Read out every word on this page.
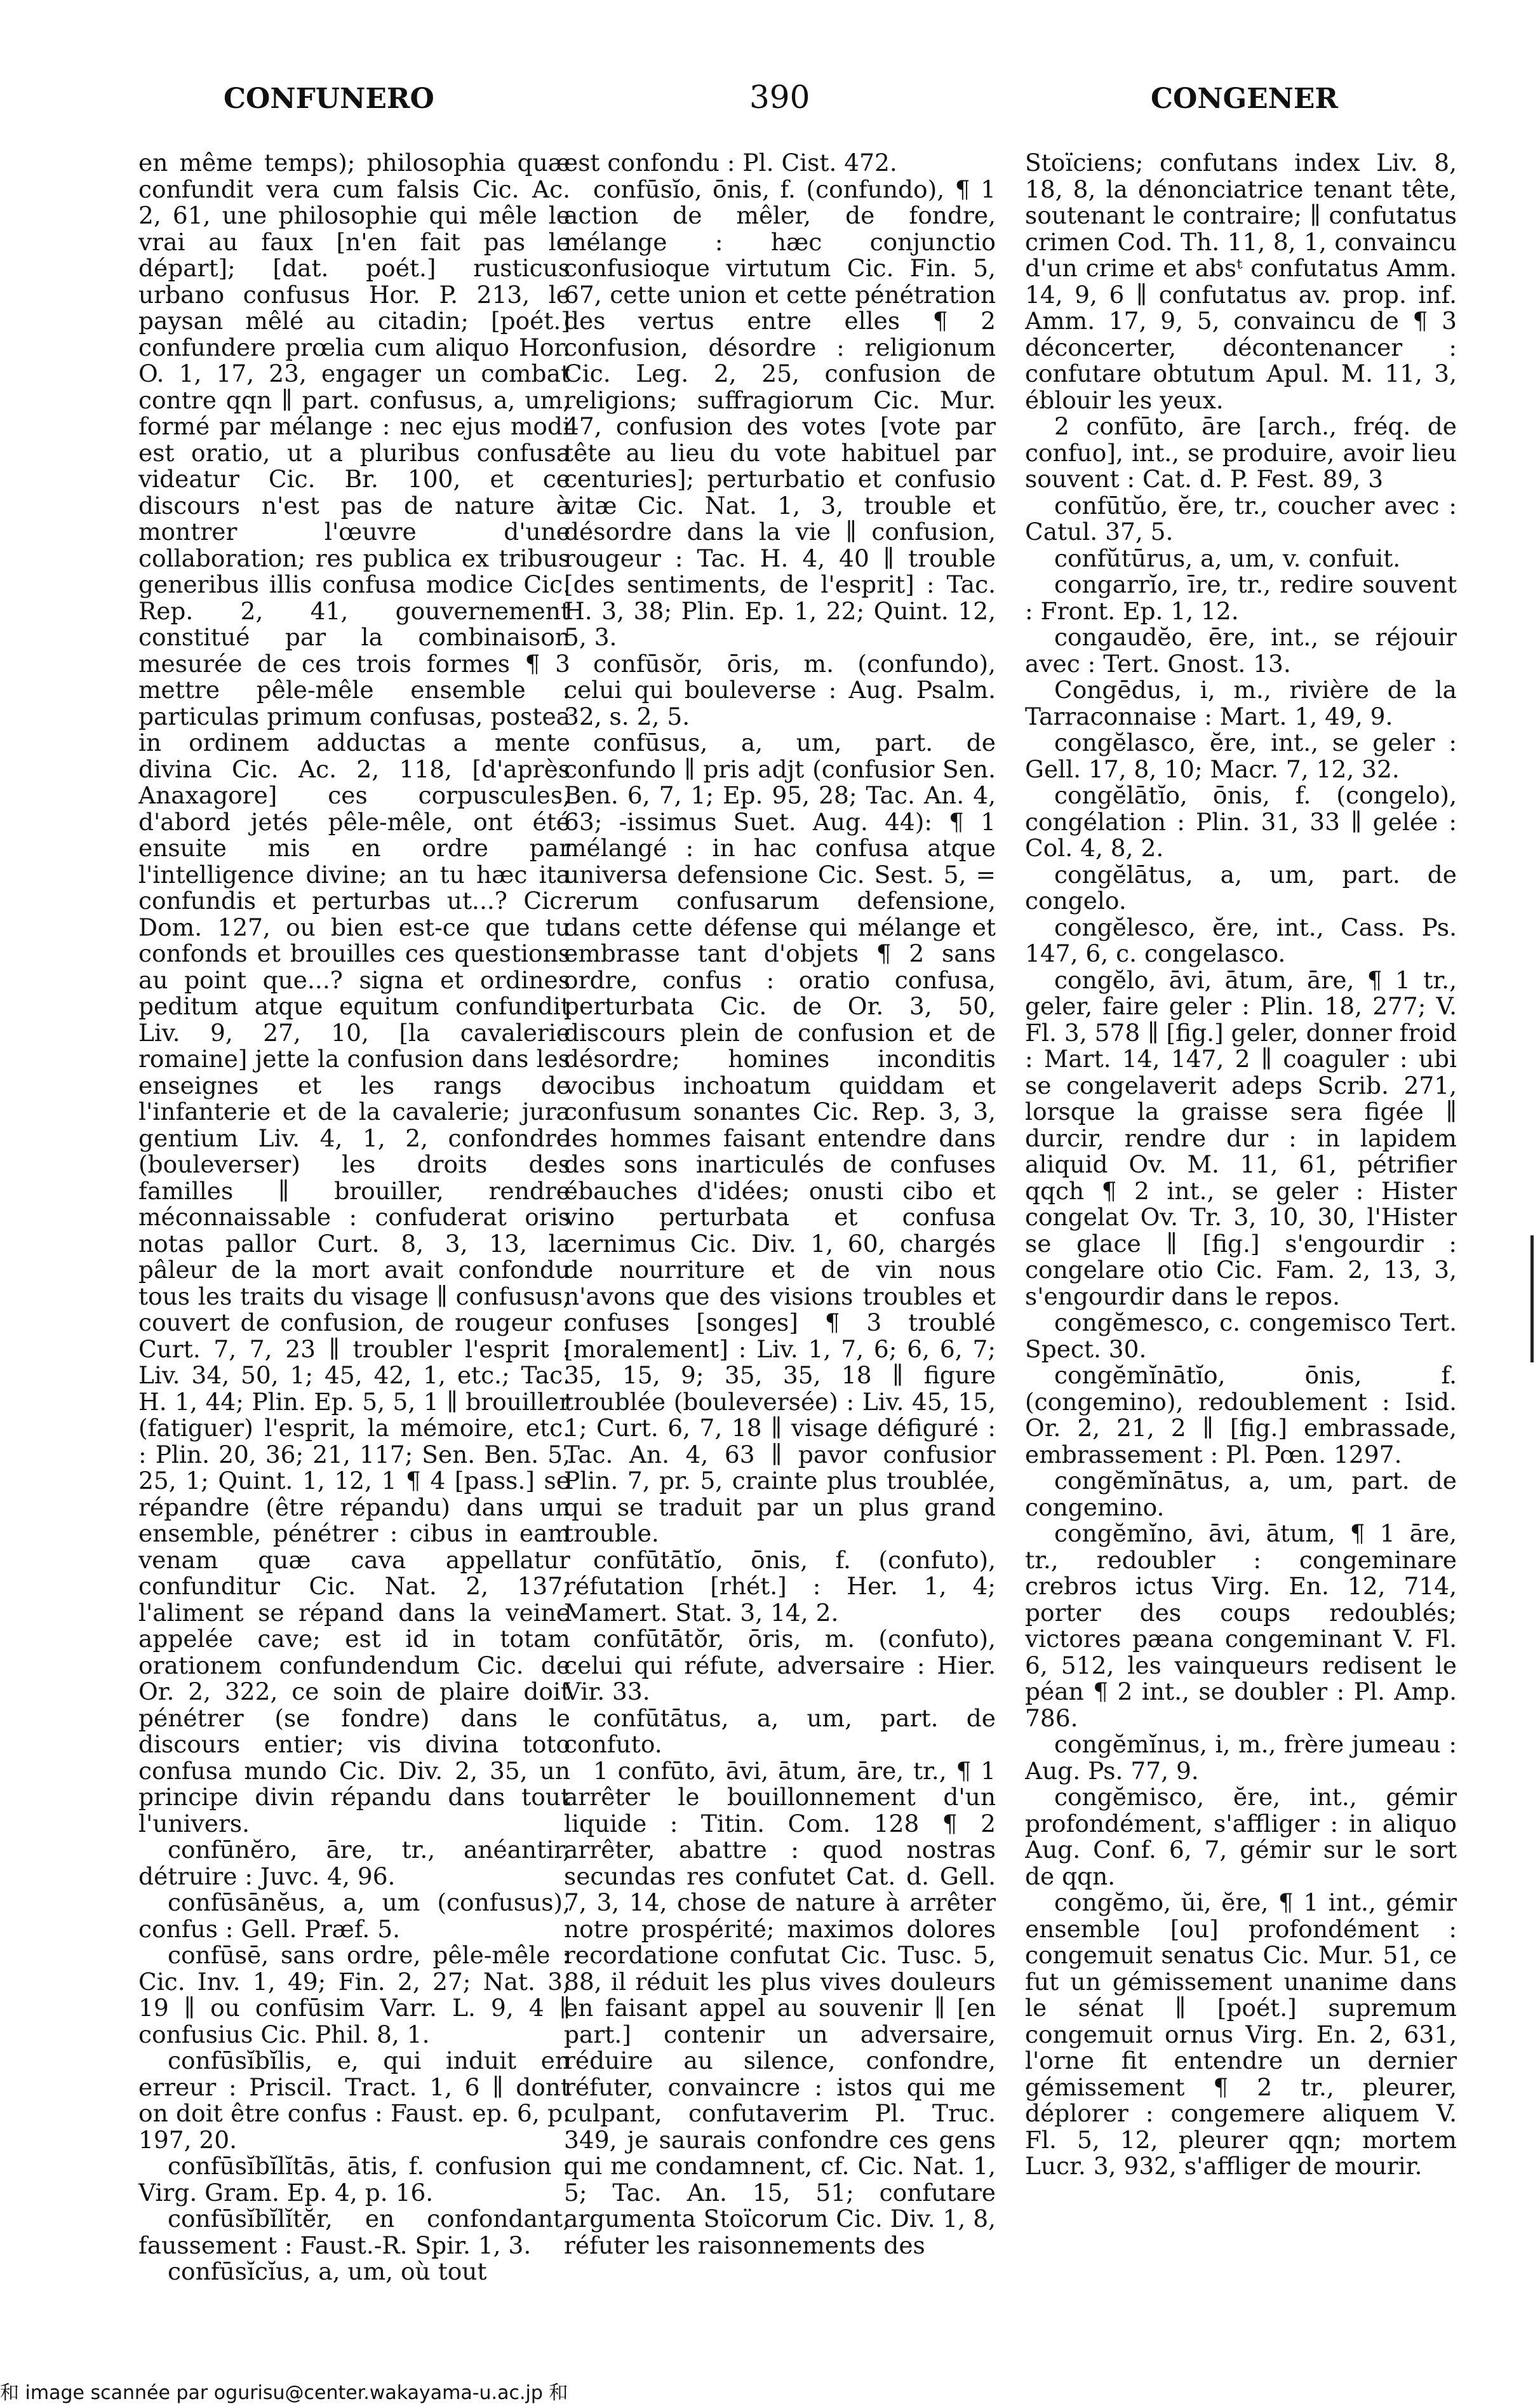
CONFUNERO	390	CONGENER

en même temps); philosophia quæ confundit vera cum falsis Cic. Ac. 2, 61, une philosophie qui mêle le vrai au faux [n'en fait pas le départ]; [dat. poét.] rusticus urbano confusus Hor. P. 213, le paysan mêlé au citadin; [poét.] confundere prœlia cum aliquo Hor. O. 1, 17, 23, engager un combat contre qqn ∥ part. confusus, a, um, formé par mélange : nec ejus modi est oratio, ut a pluribus confusa videatur Cic. Br. 100, et ce discours n'est pas de nature à montrer l'œuvre d'une collaboration; res publica ex tribus generibus illis confusa modice Cic. Rep. 2, 41, gouvernement constitué par la combinaison mesurée de ces trois formes ¶ 3 mettre pêle-mêle ensemble : particulas primum confusas, postea in ordinem adductas a mente divina Cic. Ac. 2, 118, [d'après Anaxagore] ces corpuscules, d'abord jetés pêle-mêle, ont été ensuite mis en ordre par l'intelligence divine; an tu hæc ita confundis et perturbas ut...? Cic. Dom. 127, ou bien est-ce que tu confonds et brouilles ces questions au point que...? signa et ordines peditum atque equitum confundit Liv. 9, 27, 10, [la cavalerie romaine] jette la confusion dans les enseignes et les rangs de l'infanterie et de la cavalerie; jura gentium Liv. 4, 1, 2, confondre (bouleverser) les droits des familles ∥ brouiller, rendre méconnaissable : confuderat oris notas pallor Curt. 8, 3, 13, la pâleur de la mort avait confondu tous les traits du visage ∥ confusus, couvert de confusion, de rougeur : Curt. 7, 7, 23 ∥ troubler l'esprit : Liv. 34, 50, 1; 45, 42, 1, etc.; Tac. H. 1, 44; Plin. Ep. 5, 5, 1 ∥ brouiller (fatiguer) l'esprit, la mémoire, etc. : Plin. 20, 36; 21, 117; Sen. Ben. 5, 25, 1; Quint. 1, 12, 1 ¶ 4 [pass.] se répandre (être répandu) dans un ensemble, pénétrer : cibus in eam venam quæ cava appellatur confunditur Cic. Nat. 2, 137, l'aliment se répand dans la veine appelée cave; est id in totam orationem confundendum Cic. de Or. 2, 322, ce soin de plaire doit pénétrer (se fondre) dans le discours entier; vis divina toto confusa mundo Cic. Div. 2, 35, un principe divin répandu dans tout l'univers.

confūnĕro, āre, tr., anéantir, détruire : Juvc. 4, 96.

confūsānĕus, a, um (confusus), confus : Gell. Præf. 5.

confūsē, sans ordre, pêle-mêle : Cic. Inv. 1, 49; Fin. 2, 27; Nat. 3, 19 ∥ ou confūsim Varr. L. 9, 4 ∥ confusius Cic. Phil. 8, 1.

confūsĭbĭlis, e, qui induit en erreur : Priscil. Tract. 1, 6 ∥ dont on doit être confus : Faust. ep. 6, p. 197, 20.

confūsĭbĭlĭtās, ātis, f. confusion : Virg. Gram. Ep. 4, p. 16.

confūsĭbĭlĭtĕr, en confondant, faussement : Faust.-R. Spir. 1, 3.

confūsĭcĭus, a, um, où tout

est confondu : Pl. Cist. 472.

confūsĭo, ōnis, f. (confundo), ¶ 1 action de mêler, de fondre, mélange : hæc conjunctio confusioque virtutum Cic. Fin. 5, 67, cette union et cette pénétration des vertus entre elles ¶ 2 confusion, désordre : religionum Cic. Leg. 2, 25, confusion de religions; suffragiorum Cic. Mur. 47, confusion des votes [vote par tête au lieu du vote habituel par centuries]; perturbatio et confusio vitæ Cic. Nat. 1, 3, trouble et désordre dans la vie ∥ confusion, rougeur : Tac. H. 4, 40 ∥ trouble [des sentiments, de l'esprit] : Tac. H. 3, 38; Plin. Ep. 1, 22; Quint. 12, 5, 3.

confūsŏr, ōris, m. (confundo), celui qui bouleverse : Aug. Psalm. 32, s. 2, 5.

confūsus, a, um, part. de confundo ∥ pris adjt (confusior Sen. Ben. 6, 7, 1; Ep. 95, 28; Tac. An. 4, 63; -issimus Suet. Aug. 44): ¶ 1 mélangé : in hac confusa atque universa defensione Cic. Sest. 5, = rerum confusarum defensione, dans cette défense qui mélange et embrasse tant d'objets ¶ 2 sans ordre, confus : oratio confusa, perturbata Cic. de Or. 3, 50, discours plein de confusion et de désordre; homines inconditis vocibus inchoatum quiddam et confusum sonantes Cic. Rep. 3, 3, les hommes faisant entendre dans des sons inarticulés de confuses ébauches d'idées; onusti cibo et vino perturbata et confusa cernimus Cic. Div. 1, 60, chargés de nourriture et de vin nous n'avons que des visions troubles et confuses [songes] ¶ 3 troublé [moralement] : Liv. 1, 7, 6; 6, 6, 7; 35, 15, 9; 35, 35, 18 ∥ figure troublée (bouleversée) : Liv. 45, 15, 1; Curt. 6, 7, 18 ∥ visage défiguré : Tac. An. 4, 63 ∥ pavor confusior Plin. 7, pr. 5, crainte plus troublée, qui se traduit par un plus grand trouble.

confūtātĭo, ōnis, f. (confuto), réfutation [rhét.] : Her. 1, 4; Mamert. Stat. 3, 14, 2.

confūtātŏr, ōris, m. (confuto), celui qui réfute, adversaire : Hier. Vir. 33.

confūtātus, a, um, part. de confuto.

1 confūto, āvi, ātum, āre, tr., ¶ 1 arrêter le bouillonnement d'un liquide : Titin. Com. 128 ¶ 2 arrêter, abattre : quod nostras secundas res confutet Cat. d. Gell. 7, 3, 14, chose de nature à arrêter notre prospérité; maximos dolores recordatione confutat Cic. Tusc. 5, 88, il réduit les plus vives douleurs en faisant appel au souvenir ∥ [en part.] contenir un adversaire, réduire au silence, confondre, réfuter, convaincre : istos qui me culpant, confutaverim Pl. Truc. 349, je saurais confondre ces gens qui me condamnent, cf. Cic. Nat. 1, 5; Tac. An. 15, 51; confutare argumenta Stoïcorum Cic. Div. 1, 8, réfuter les raisonnements des

Stoïciens; confutans index Liv. 8, 18, 8, la dénonciatrice tenant tête, soutenant le contraire; ∥ confutatus crimen Cod. Th. 11, 8, 1, convaincu d'un crime et absᵗ confutatus Amm. 14, 9, 6 ∥ confutatus av. prop. inf. Amm. 17, 9, 5, convaincu de ¶ 3 déconcerter, décontenancer : confutare obtutum Apul. M. 11, 3, éblouir les yeux.

2 confūto, āre [arch., fréq. de confuo], int., se produire, avoir lieu souvent : Cat. d. P. Fest. 89, 3

confūtŭo, ĕre, tr., coucher avec : Catul. 37, 5.

confŭtūrus, a, um, v. confuit.

congarrĭo, īre, tr., redire souvent : Front. Ep. 1, 12.

congaudĕo, ēre, int., se réjouir avec : Tert. Gnost. 13.

Congēdus, i, m., rivière de la Tarraconnaise : Mart. 1, 49, 9.

congĕlasco, ĕre, int., se geler : Gell. 17, 8, 10; Macr. 7, 12, 32.

congĕlātĭo, ōnis, f. (congelo), congélation : Plin. 31, 33 ∥ gelée : Col. 4, 8, 2.

congĕlātus, a, um, part. de congelo.

congĕlesco, ĕre, int., Cass. Ps. 147, 6, c. congelasco.

congĕlo, āvi, ātum, āre, ¶ 1 tr., geler, faire geler : Plin. 18, 277; V. Fl. 3, 578 ∥ [fig.] geler, donner froid : Mart. 14, 147, 2 ∥ coaguler : ubi se congelaverit adeps Scrib. 271, lorsque la graisse sera figée ∥ durcir, rendre dur : in lapidem aliquid Ov. M. 11, 61, pétrifier qqch ¶ 2 int., se geler : Hister congelat Ov. Tr. 3, 10, 30, l'Hister se glace ∥ [fig.] s'engourdir : congelare otio Cic. Fam. 2, 13, 3, s'engourdir dans le repos.

congĕmesco, c. congemisco Tert. Spect. 30.

congĕmĭnātĭo, ōnis, f. (congemino), redoublement : Isid. Or. 2, 21, 2 ∥ [fig.] embrassade, embrassement : Pl. Pœn. 1297.

congĕmĭnātus, a, um, part. de congemino.

congĕmĭno, āvi, ātum, ¶ 1 āre, tr., redoubler : congeminare crebros ictus Virg. En. 12, 714, porter des coups redoublés; victores pæana congeminant V. Fl. 6, 512, les vainqueurs redisent le péan ¶ 2 int., se doubler : Pl. Amp. 786.

congĕmĭnus, i, m., frère jumeau : Aug. Ps. 77, 9.

congĕmisco, ĕre, int., gémir profondément, s'affliger : in aliquo Aug. Conf. 6, 7, gémir sur le sort de qqn.

congĕmo, ŭi, ĕre, ¶ 1 int., gémir ensemble [ou] profondément : congemuit senatus Cic. Mur. 51, ce fut un gémissement unanime dans le sénat ∥ [poét.] supremum congemuit ornus Virg. En. 2, 631, l'orne fit entendre un dernier gémissement ¶ 2 tr., pleurer, déplorer : congemere aliquem V. Fl. 5, 12, pleurer qqn; mortem Lucr. 3, 932, s'affliger de mourir.

和 image scannée par ogurisu@center.wakayama-u.ac.jp 和
